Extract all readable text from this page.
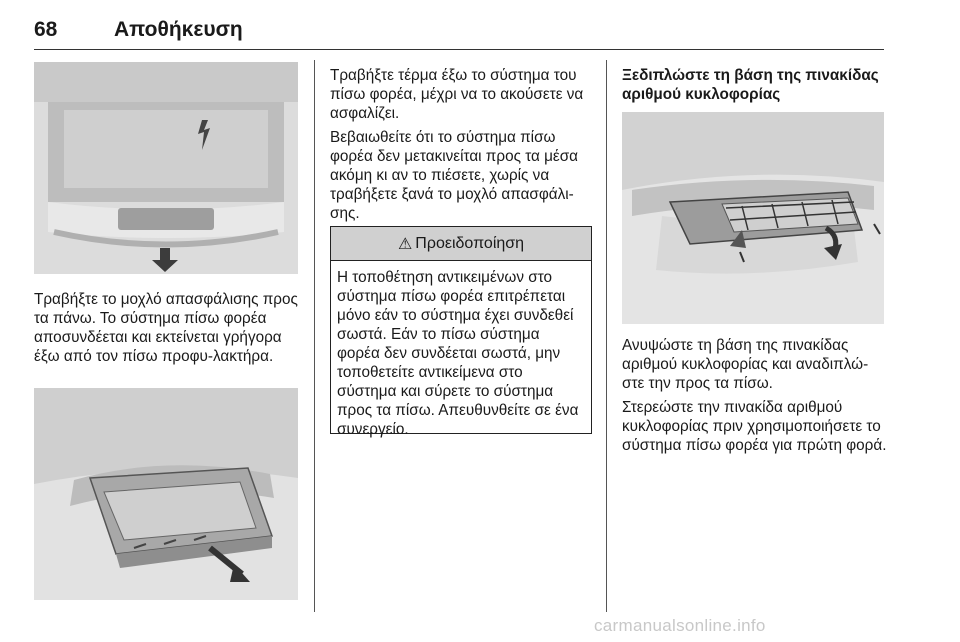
68	Αποθήκευση

Τραβήξτε το μοχλό απασφάλισης προς τα πάνω. Το σύστημα πίσω φορέα αποσυνδέεται και εκτείνεται γρήγορα έξω από τον πίσω προφυ-λακτήρα.

Τραβήξτε τέρμα έξω το σύστημα του πίσω φορέα, μέχρι να το ακούσετε να ασφαλίζει.

Βεβαιωθείτε ότι το σύστημα πίσω φορέα δεν μετακινείται προς τα μέσα ακόμη κι αν το πιέσετε, χωρίς να τραβήξετε ξανά το μοχλό απασφάλι-σης.

⚠ Προειδοποίηση

Η τοποθέτηση αντικειμένων στο σύστημα πίσω φορέα επιτρέπεται μόνο εάν το σύστημα έχει συνδεθεί σωστά. Εάν το πίσω σύστημα φορέα δεν συνδέεται σωστά, μην τοποθετείτε αντικείμενα στο σύστημα και σύρετε το σύστημα προς τα πίσω. Απευθυνθείτε σε ένα συνεργείο.

Ξεδιπλώστε τη βάση της πινακίδας αριθμού κυκλοφορίας

Ανυψώστε τη βάση της πινακίδας αριθμού κυκλοφορίας και αναδιπλώ-στε την προς τα πίσω.

Στερεώστε την πινακίδα αριθμού κυκλοφορίας πριν χρησιμοποιήσετε το σύστημα πίσω φορέα για πρώτη φορά.

carmanualsonline.info
